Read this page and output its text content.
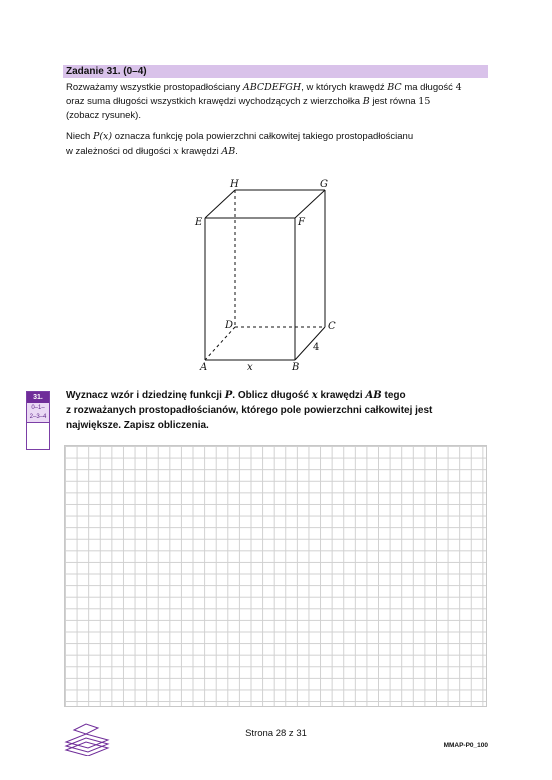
Zadanie 31. (0–4)
Rozważamy wszystkie prostopadłościany ABCDEFGH, w których krawędź BC ma długość 4
oraz suma długości wszystkich krawędzi wychodzących z wierzchołka B jest równa 15
(zobacz rysunek).
Niech P(x) oznacza funkcję pola powierzchni całkowitej takiego prostopadłościanu
w zależności od długości x krawędzi AB.
H	G
E	F
D	C
A	B
x
4
31.
0–1–
2–3–4
Wyznacz wzór i dziedzinę funkcji P. Oblicz długość x krawędzi AB tego
z rozważanych prostopadłościanów, którego pole powierzchni całkowitej jest
największe. Zapisz obliczenia.
Strona 28 z 31
MMAP-P0_100
